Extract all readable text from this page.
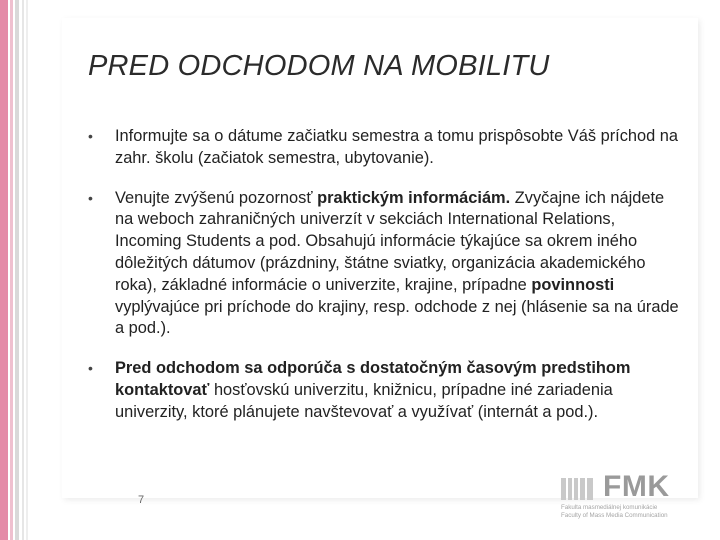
PRED ODCHODOM NA MOBILITU
• Informujte sa o dátume začiatku semestra a tomu prispôsobte Váš príchod na zahr. školu (začiatok semestra, ubytovanie).
• Venujte zvýšenú pozornosť praktickým informáciám. Zvyčajne ich nájdete na weboch zahraničných univerzít v sekciách International Relations, Incoming Students a pod. Obsahujú informácie týkajúce sa okrem iného dôležitých dátumov (prázdniny, štátne sviatky, organizácia akademického roka), základné informácie o univerzite, krajine, prípadne povinnosti vyplývajúce pri príchode do krajiny, resp. odchode z nej (hlásenie sa na úrade a pod.).
• Pred odchodom sa odporúča s dostatočným časovým predstihom kontaktovať hosťovskú univerzitu, knižnicu, prípadne iné zariadenia univerzity, ktoré plánujete navštevovať a využívať (internát a pod.).
7	FMK
Fakulta masmediálnej komunikácie
Faculty of Mass Media Communication
